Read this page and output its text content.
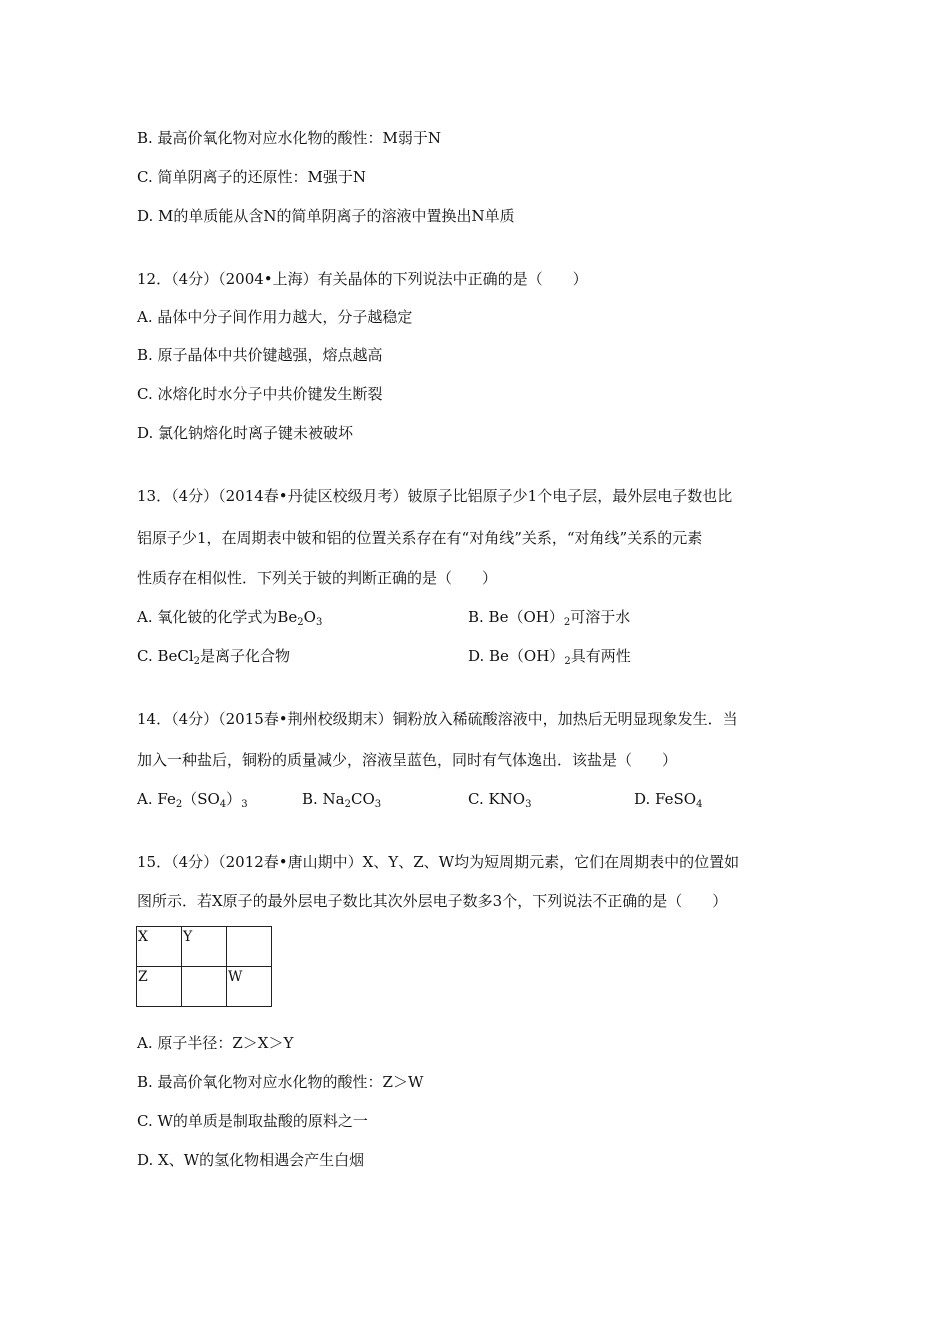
B. 最高价氧化物对应水化物的酸性：M弱于N
C. 简单阴离子的还原性：M强于N
D. M的单质能从含N的简单阴离子的溶液中置换出N单质
12．（4分）（2004•上海）有关晶体的下列说法中正确的是（　　）
A. 晶体中分子间作用力越大，分子越稳定
B. 原子晶体中共价键越强，熔点越高
C. 冰熔化时水分子中共价键发生断裂
D. 氯化钠熔化时离子键未被破坏
13．（4分）（2014春•丹徒区校级月考）铍原子比铝原子少1个电子层，最外层电子数也比
铝原子少1，在周期表中铍和铝的位置关系存在有“对角线”关系，“对角线”关系的元素
性质存在相似性．下列关于铍的判断正确的是（　　）
A. 氧化铍的化学式为$Be_2O_3$	B. $Be(OH)_2$可溶于水
C. BeCl$_2$是离子化合物	D. $Be(OH)_2$具有两性
14．（4分）（2015春•荆州校级期末）铜粉放入稀硫酸溶液中，加热后无明显现象发生．当
加入一种盐后，铜粉的质量减少，溶液呈蓝色，同时有气体逸出．该盐是（　　）
A. $Fe_2(SO_4)_3$	B. $Na_2CO_3$	C. $KNO_3$	D. FeSO$_4$
15．（4分）（2012春•唐山期中）X、Y、Z、W均为短周期元素，它们在周期表中的位置如
图所示．若X原子的最外层电子数比其次外层电子数多3个，下列说法不正确的是（　　）
X	Y	
Z		W
A. 原子半径：Z＞X＞Y
B. 最高价氧化物对应水化物的酸性：Z＞W
C. W的单质是制取盐酸的原料之一
D. X、W的氢化物相遇会产生白烟
